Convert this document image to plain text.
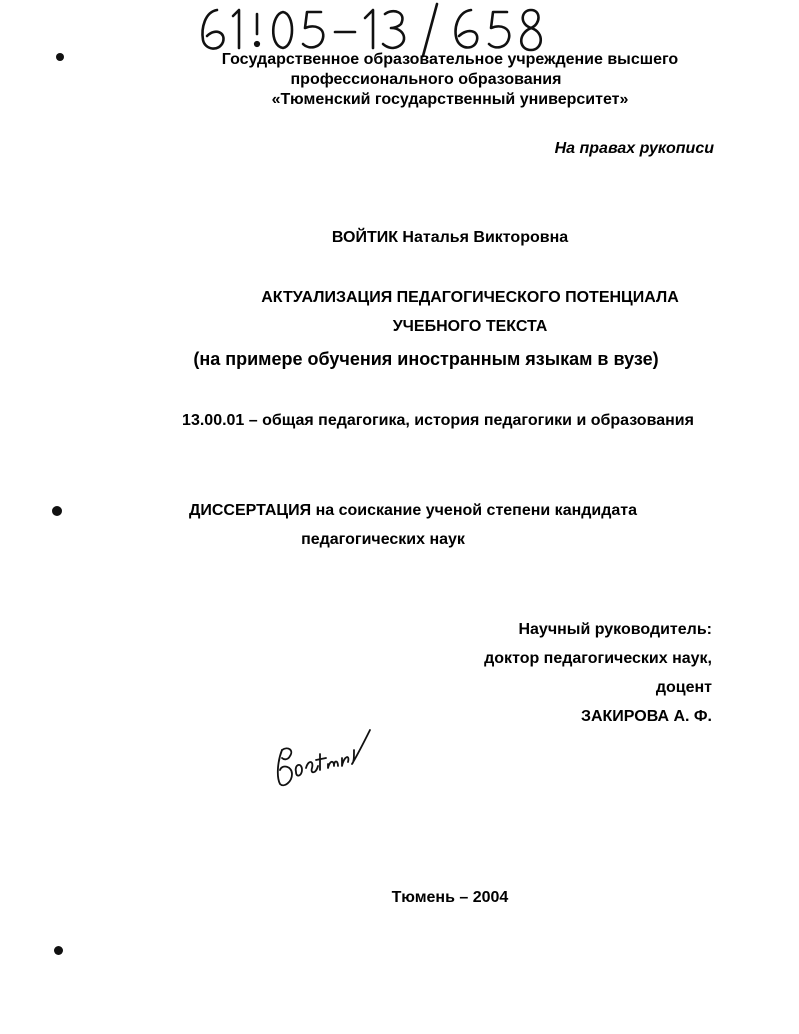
Государственное образовательное учреждение высшего
профессионального образования
«Тюменский государственный университет»
На правах рукописи
ВОЙТИК Наталья Викторовна
АКТУАЛИЗАЦИЯ ПЕДАГОГИЧЕСКОГО ПОТЕНЦИАЛА
УЧЕБНОГО ТЕКСТА
(на примере обучения иностранным языкам в вузе)
13.00.01 – общая педагогика, история педагогики и образования
ДИССЕРТАЦИЯ на соискание ученой степени кандидата
педагогических наук
Научный руководитель:
доктор педагогических наук,
доцент
ЗАКИРОВА А. Ф.
Тюмень – 2004
